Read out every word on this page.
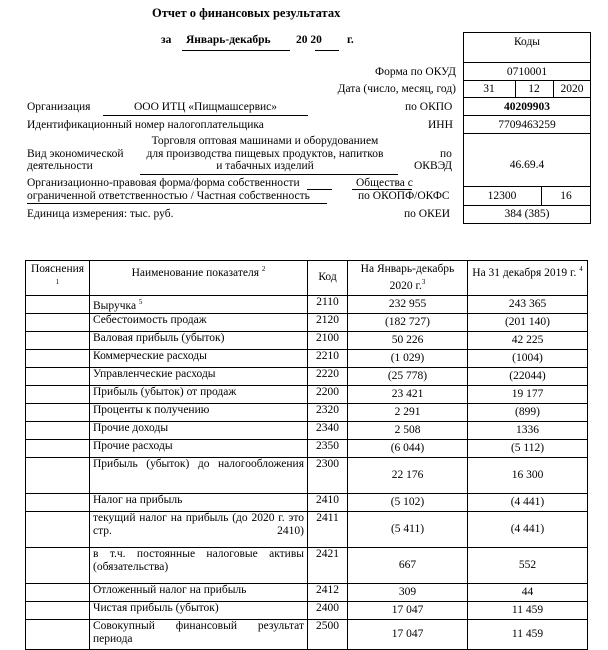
Отчет о финансовых результатах
за Январь-декабрь 20 20 г.	Коды
Форма по ОКУД	0710001
Дата (число, месяц, год)	31	12	2020
Организация	ООО ИТЦ «Пищмашсервис»	по ОКПО	40209903
Идентификационный номер налогоплательщика	ИНН	7709463259
Торговля оптовая машинами и оборудованием
Вид экономической	для производства пищевых продуктов, напитков	по
деятельности	и табачных изделий	ОКВЭД	46.69.4
Организационно-правовая форма/форма собственности	Общества с
ограниченной ответственностью / Частная собственность	по ОКОПФ/ОКФС	12300	16
Единица измерения: тыс. руб.	по ОКЕИ	384 (385)
Пояснения
$^1$	Наименование показателя $^2$	Код	На Январь-декабрь 2020 г.$^3$	На 31 декабря 2019 г. $^4$
	Выручка $^5$	2110	232 955	243 365
	Себестоимость продаж	2120	(182 727)	(201 140)
	Валовая прибыль (убыток)	2100	50 226	42 225
	Коммерческие расходы	2210	(1 029)	(1004)
	Управленческие расходы	2220	(25 778)	(22044)
	Прибыль (убыток) от продаж	2200	23 421	19 177
	Проценты к получению	2320	2 291	(899)
	Прочие доходы	2340	2 508	1336
	Прочие расходы	2350	(6 044)	(5 112)
	Прибыль (убыток) до налогообложения	2300	22 176	16 300
	Налог на прибыль	2410	(5 102)	(4 441)
	текущий налог на прибыль (до 2020 г. это стр. 2410)	2411	(5 411)	(4 441)
	в т.ч. постоянные налоговые активы (обязательства)	2421	667	552
	Отложенный налог на прибыль	2412	309	44
	Чистая прибыль (убыток)	2400	17 047	11 459
	Совокупный финансовый результат периода	2500	17 047	11 459
